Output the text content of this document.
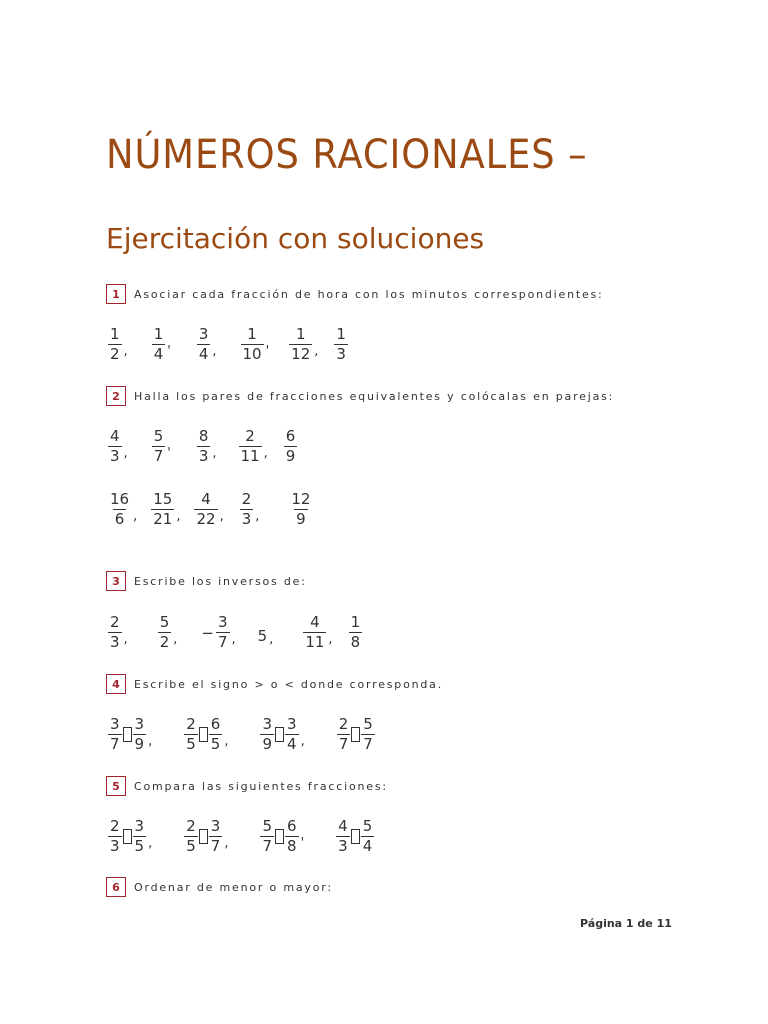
NÚMEROS RACIONALES –
Ejercitación con soluciones
1	Asociar cada fracción de hora con los minutos correspondientes:
$\frac{1}{2}$ , $\frac{1}{4}$ ' $\frac{3}{4}$ , $\frac{1}{10}$ ' $\frac{1}{12}$ , $\frac{1}{3}$
2	Halla los pares de fracciones equivalentes y colócalas en parejas:
$\frac{4}{3}$ , $\frac{5}{7}$ ' $\frac{8}{3}$ , $\frac{2}{11}$ , $\frac{6}{9}$
$\frac{16}{6}$ , $\frac{15}{21}$ , $\frac{4}{22}$ , $\frac{2}{3}$ , $\frac{12}{9}$
3	Escribe los inversos de:
$\frac{2}{3}$ , $\frac{5}{2}$ , − $\frac{3}{7}$ , 5 , $\frac{4}{11}$ , $\frac{1}{8}$
4	Escribe el signo > o < donde corresponda.
$\frac{3}{7} \frac{3}{9}$ , $\frac{2}{5} \frac{6}{5}$ , $\frac{3}{9} \frac{3}{4}$ , $\frac{2}{7} \frac{5}{7}$
5	Compara las siguientes fracciones:
$\frac{2}{3} \frac{3}{5}$ , $\frac{2}{5} \frac{3}{7}$ , $\frac{5}{7} \frac{6}{8}$ ' $\frac{4}{3} \frac{5}{4}$
6	Ordenar de menor o mayor:
Página 1 de 11
